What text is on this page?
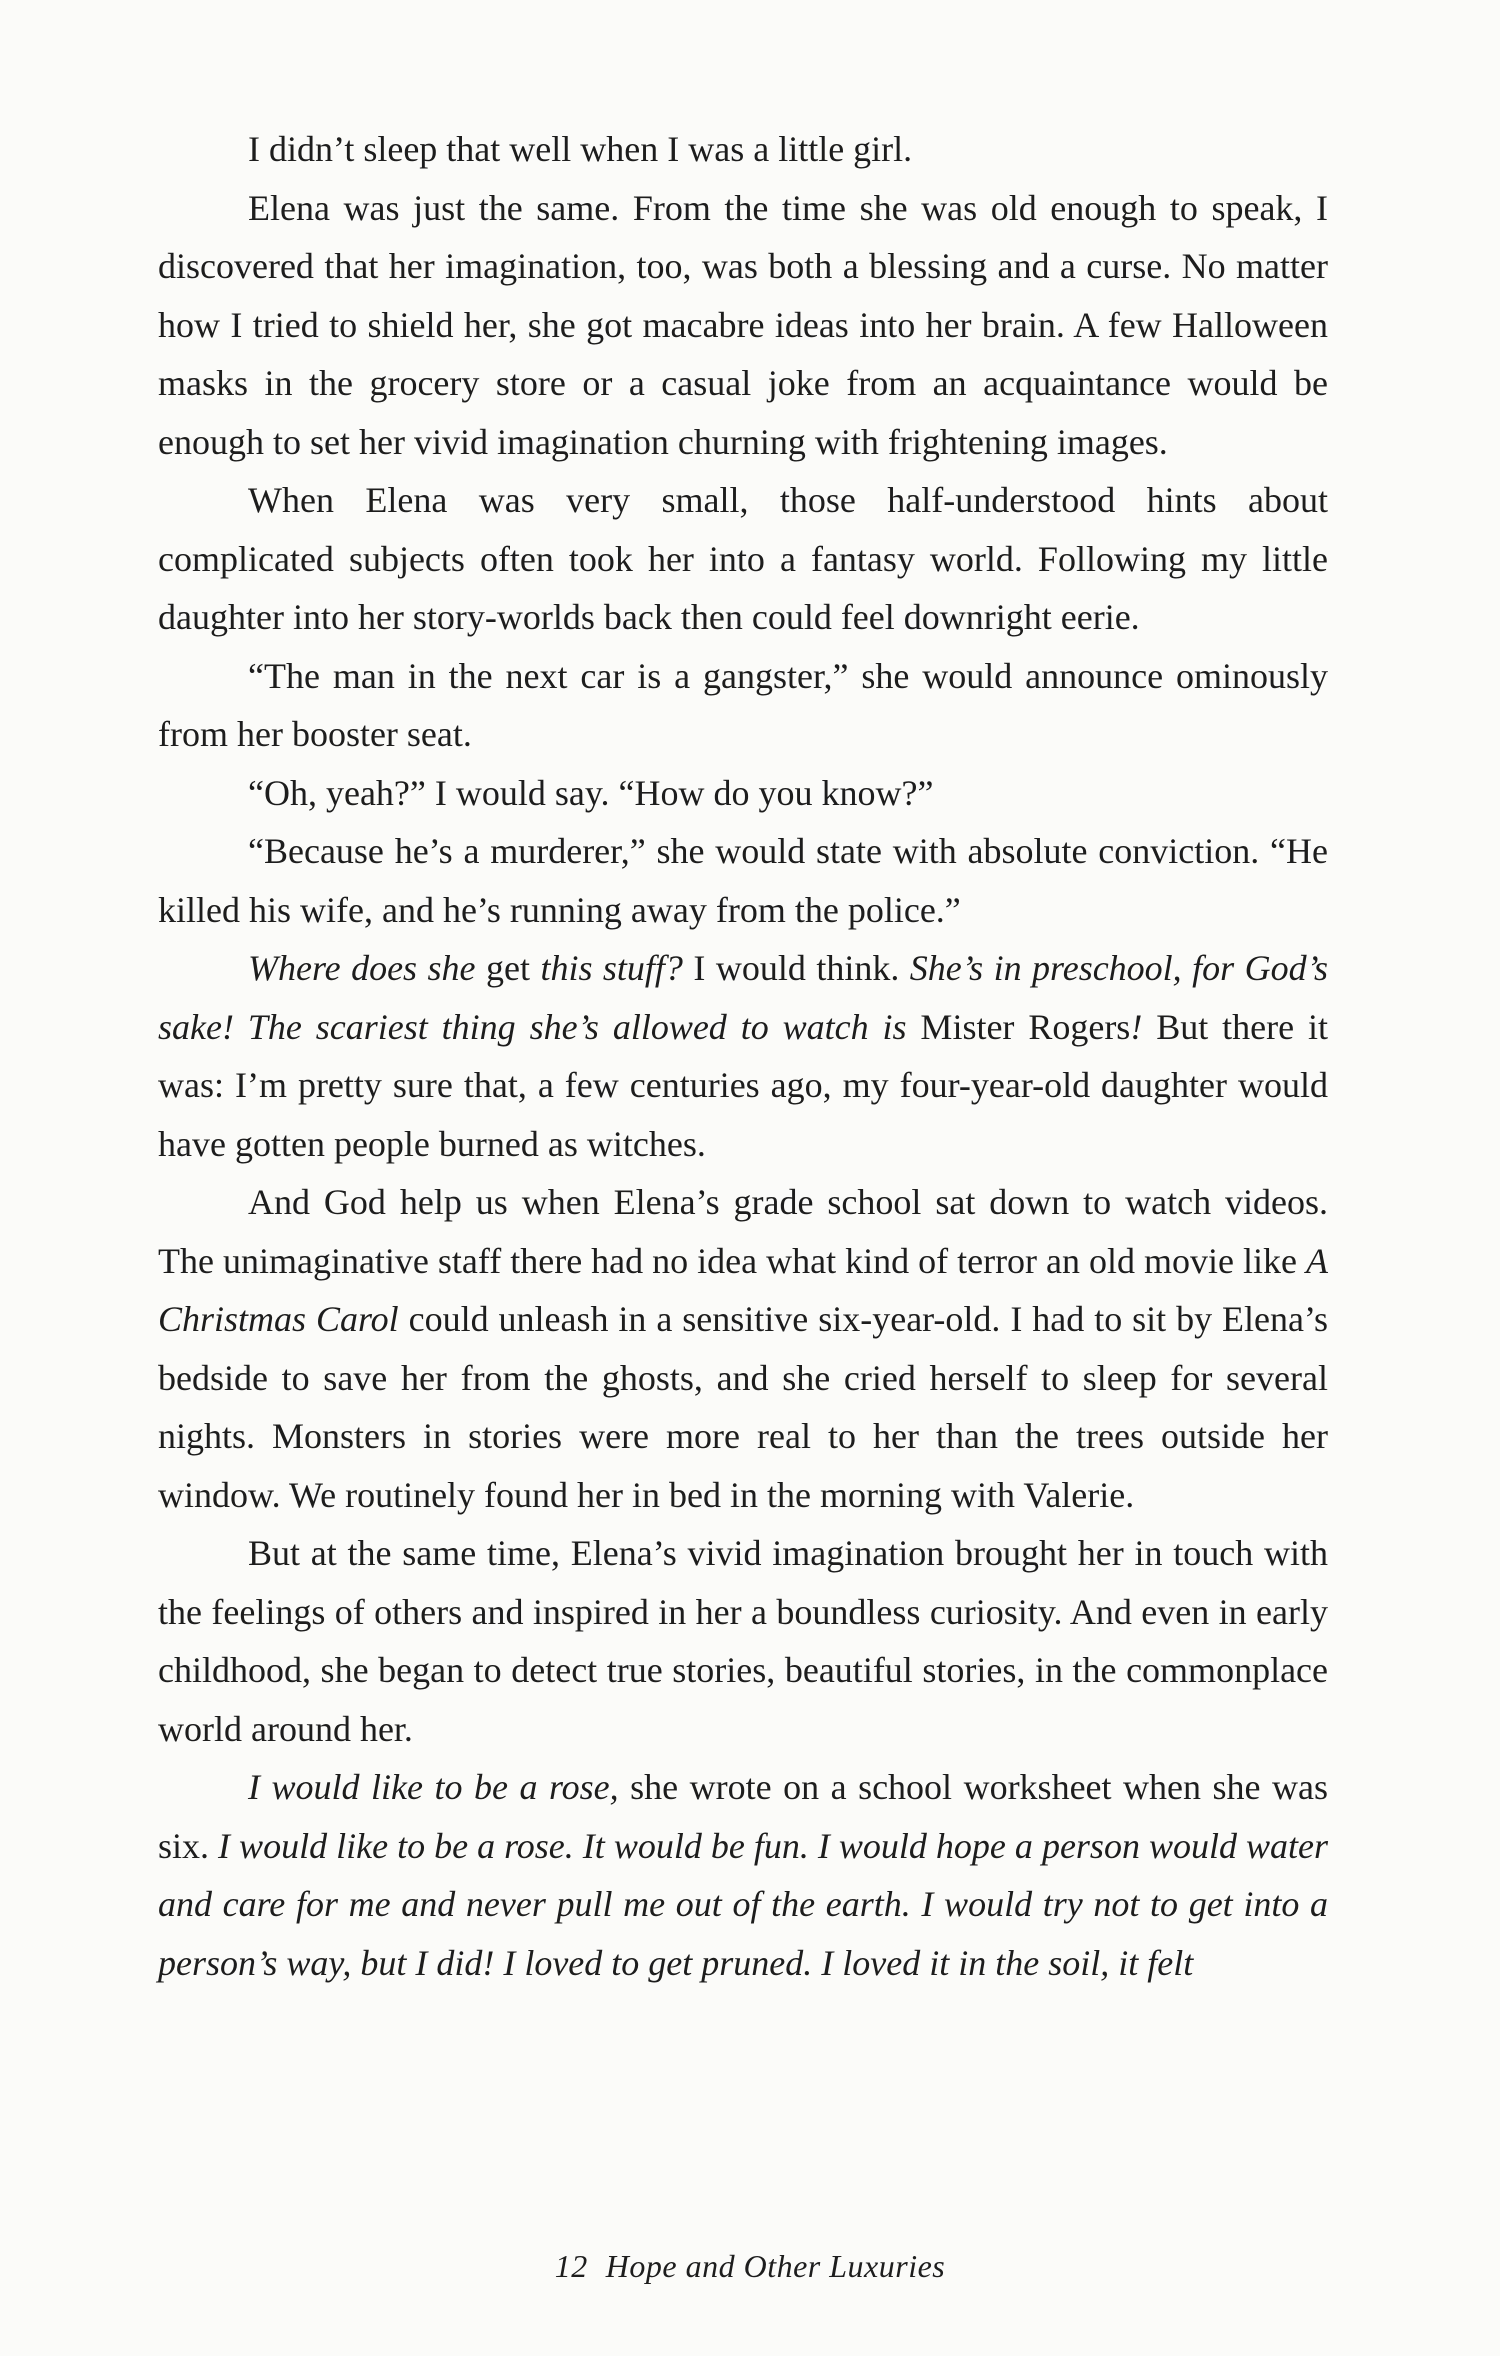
I didn’t sleep that well when I was a little girl.

Elena was just the same. From the time she was old enough to speak, I discovered that her imagination, too, was both a blessing and a curse. No matter how I tried to shield her, she got macabre ideas into her brain. A few Halloween masks in the grocery store or a casual joke from an acquaintance would be enough to set her vivid imagination churning with frightening images.

When Elena was very small, those half-understood hints about complicated subjects often took her into a fantasy world. Following my little daughter into her story-worlds back then could feel downright eerie.

“The man in the next car is a gangster,” she would announce ominously from her booster seat.

“Oh, yeah?” I would say. “How do you know?”

“Because he’s a murderer,” she would state with absolute conviction. “He killed his wife, and he’s running away from the police.”

Where does she get this stuff? I would think. She’s in preschool, for God’s sake! The scariest thing she’s allowed to watch is Mister Rogers! But there it was: I’m pretty sure that, a few centuries ago, my four-year-old daughter would have gotten people burned as witches.

And God help us when Elena’s grade school sat down to watch videos. The unimaginative staff there had no idea what kind of terror an old movie like A Christmas Carol could unleash in a sensitive six-year-old. I had to sit by Elena’s bedside to save her from the ghosts, and she cried herself to sleep for several nights. Monsters in stories were more real to her than the trees outside her window. We routinely found her in bed in the morning with Valerie.

But at the same time, Elena’s vivid imagination brought her in touch with the feelings of others and inspired in her a boundless curiosity. And even in early childhood, she began to detect true stories, beautiful stories, in the commonplace world around her.

I would like to be a rose, she wrote on a school worksheet when she was six. I would like to be a rose. It would be fun. I would hope a person would water and care for me and never pull me out of the earth. I would try not to get into a person’s way, but I did! I loved to get pruned. I loved it in the soil, it felt

12 Hope and Other Luxuries
